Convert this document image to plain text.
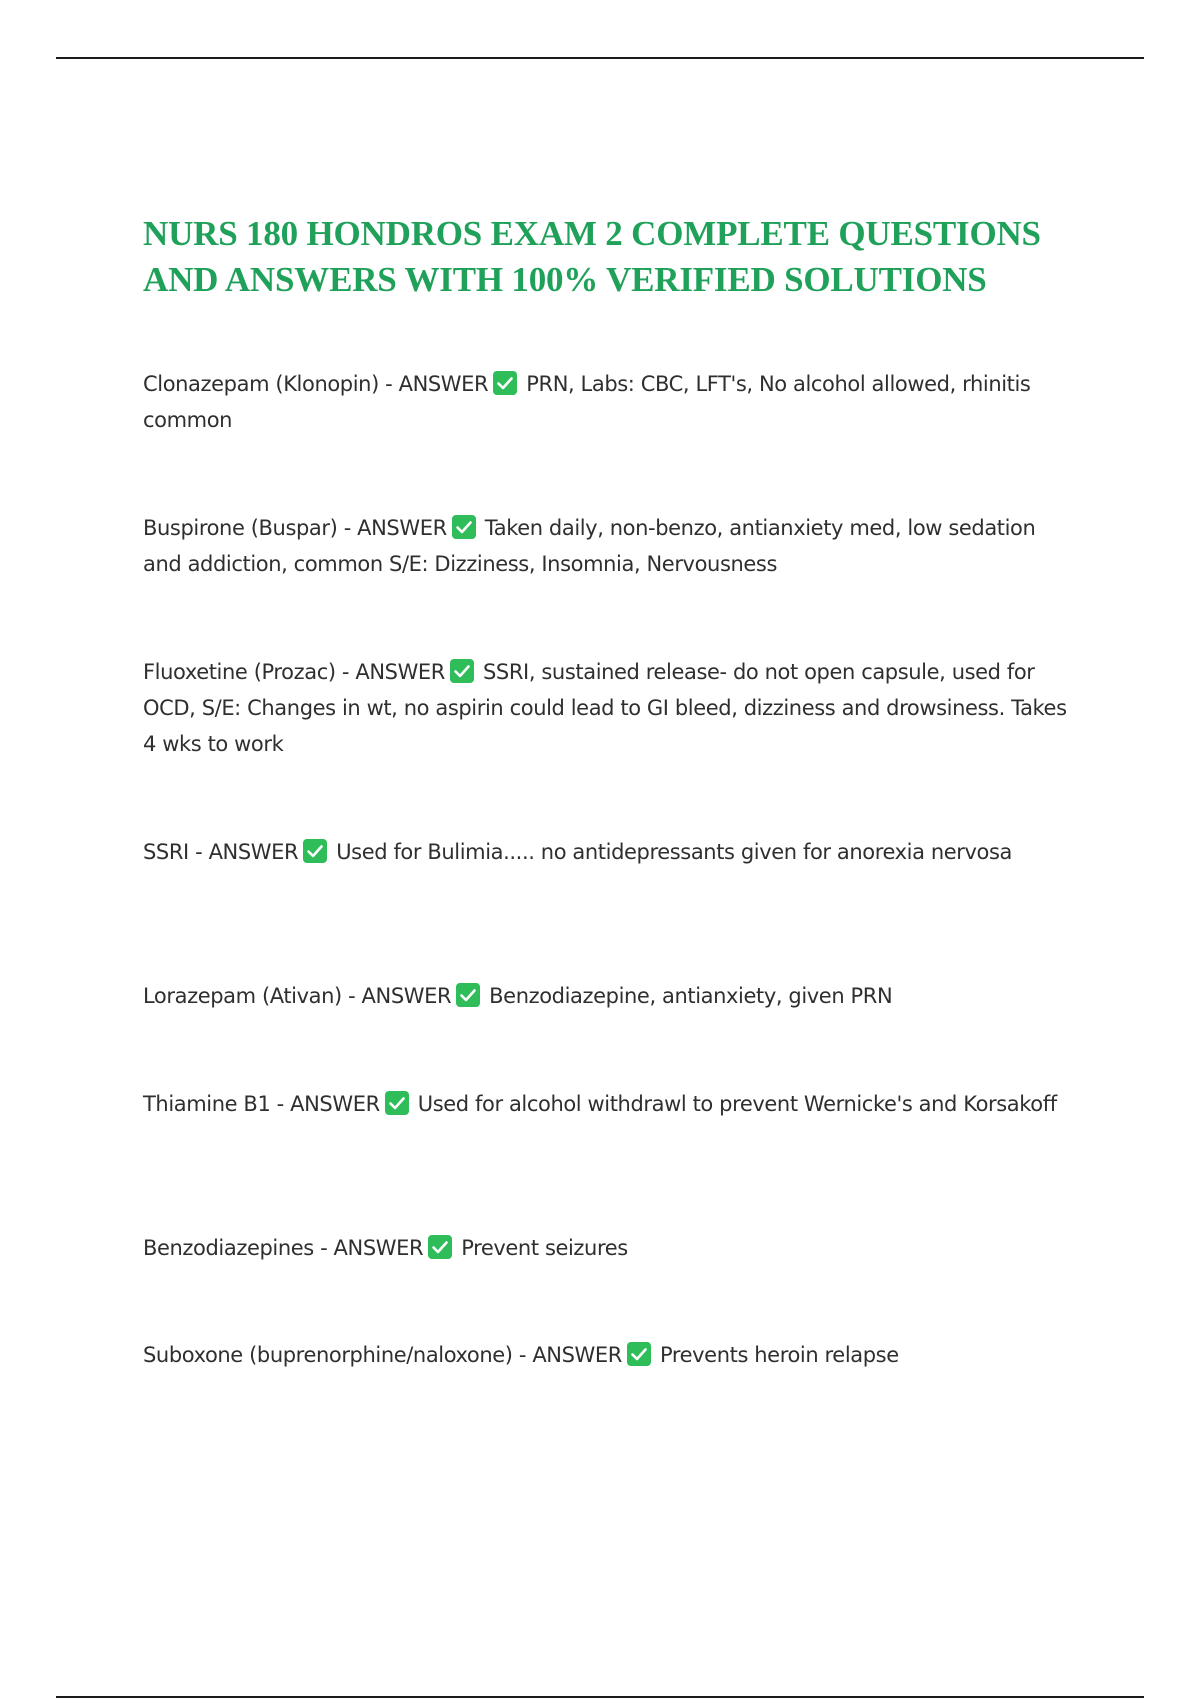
NURS 180 HONDROS EXAM 2 COMPLETE QUESTIONS
AND ANSWERS WITH 100% VERIFIED SOLUTIONS
Clonazepam (Klonopin) - ANSWER PRN, Labs: CBC, LFT's, No alcohol allowed, rhinitis common
Buspirone (Buspar) - ANSWER Taken daily, non-benzo, antianxiety med, low sedation and addiction, common S/E: Dizziness, Insomnia, Nervousness
Fluoxetine (Prozac) - ANSWER SSRI, sustained release- do not open capsule, used for OCD, S/E: Changes in wt, no aspirin could lead to GI bleed, dizziness and drowsiness. Takes 4 wks to work
SSRI - ANSWER Used for Bulimia..... no antidepressants given for anorexia nervosa
Lorazepam (Ativan) - ANSWER Benzodiazepine, antianxiety, given PRN
Thiamine B1 - ANSWER Used for alcohol withdrawl to prevent Wernicke's and Korsakoff
Benzodiazepines - ANSWER Prevent seizures
Suboxone (buprenorphine/naloxone) - ANSWER Prevents heroin relapse
